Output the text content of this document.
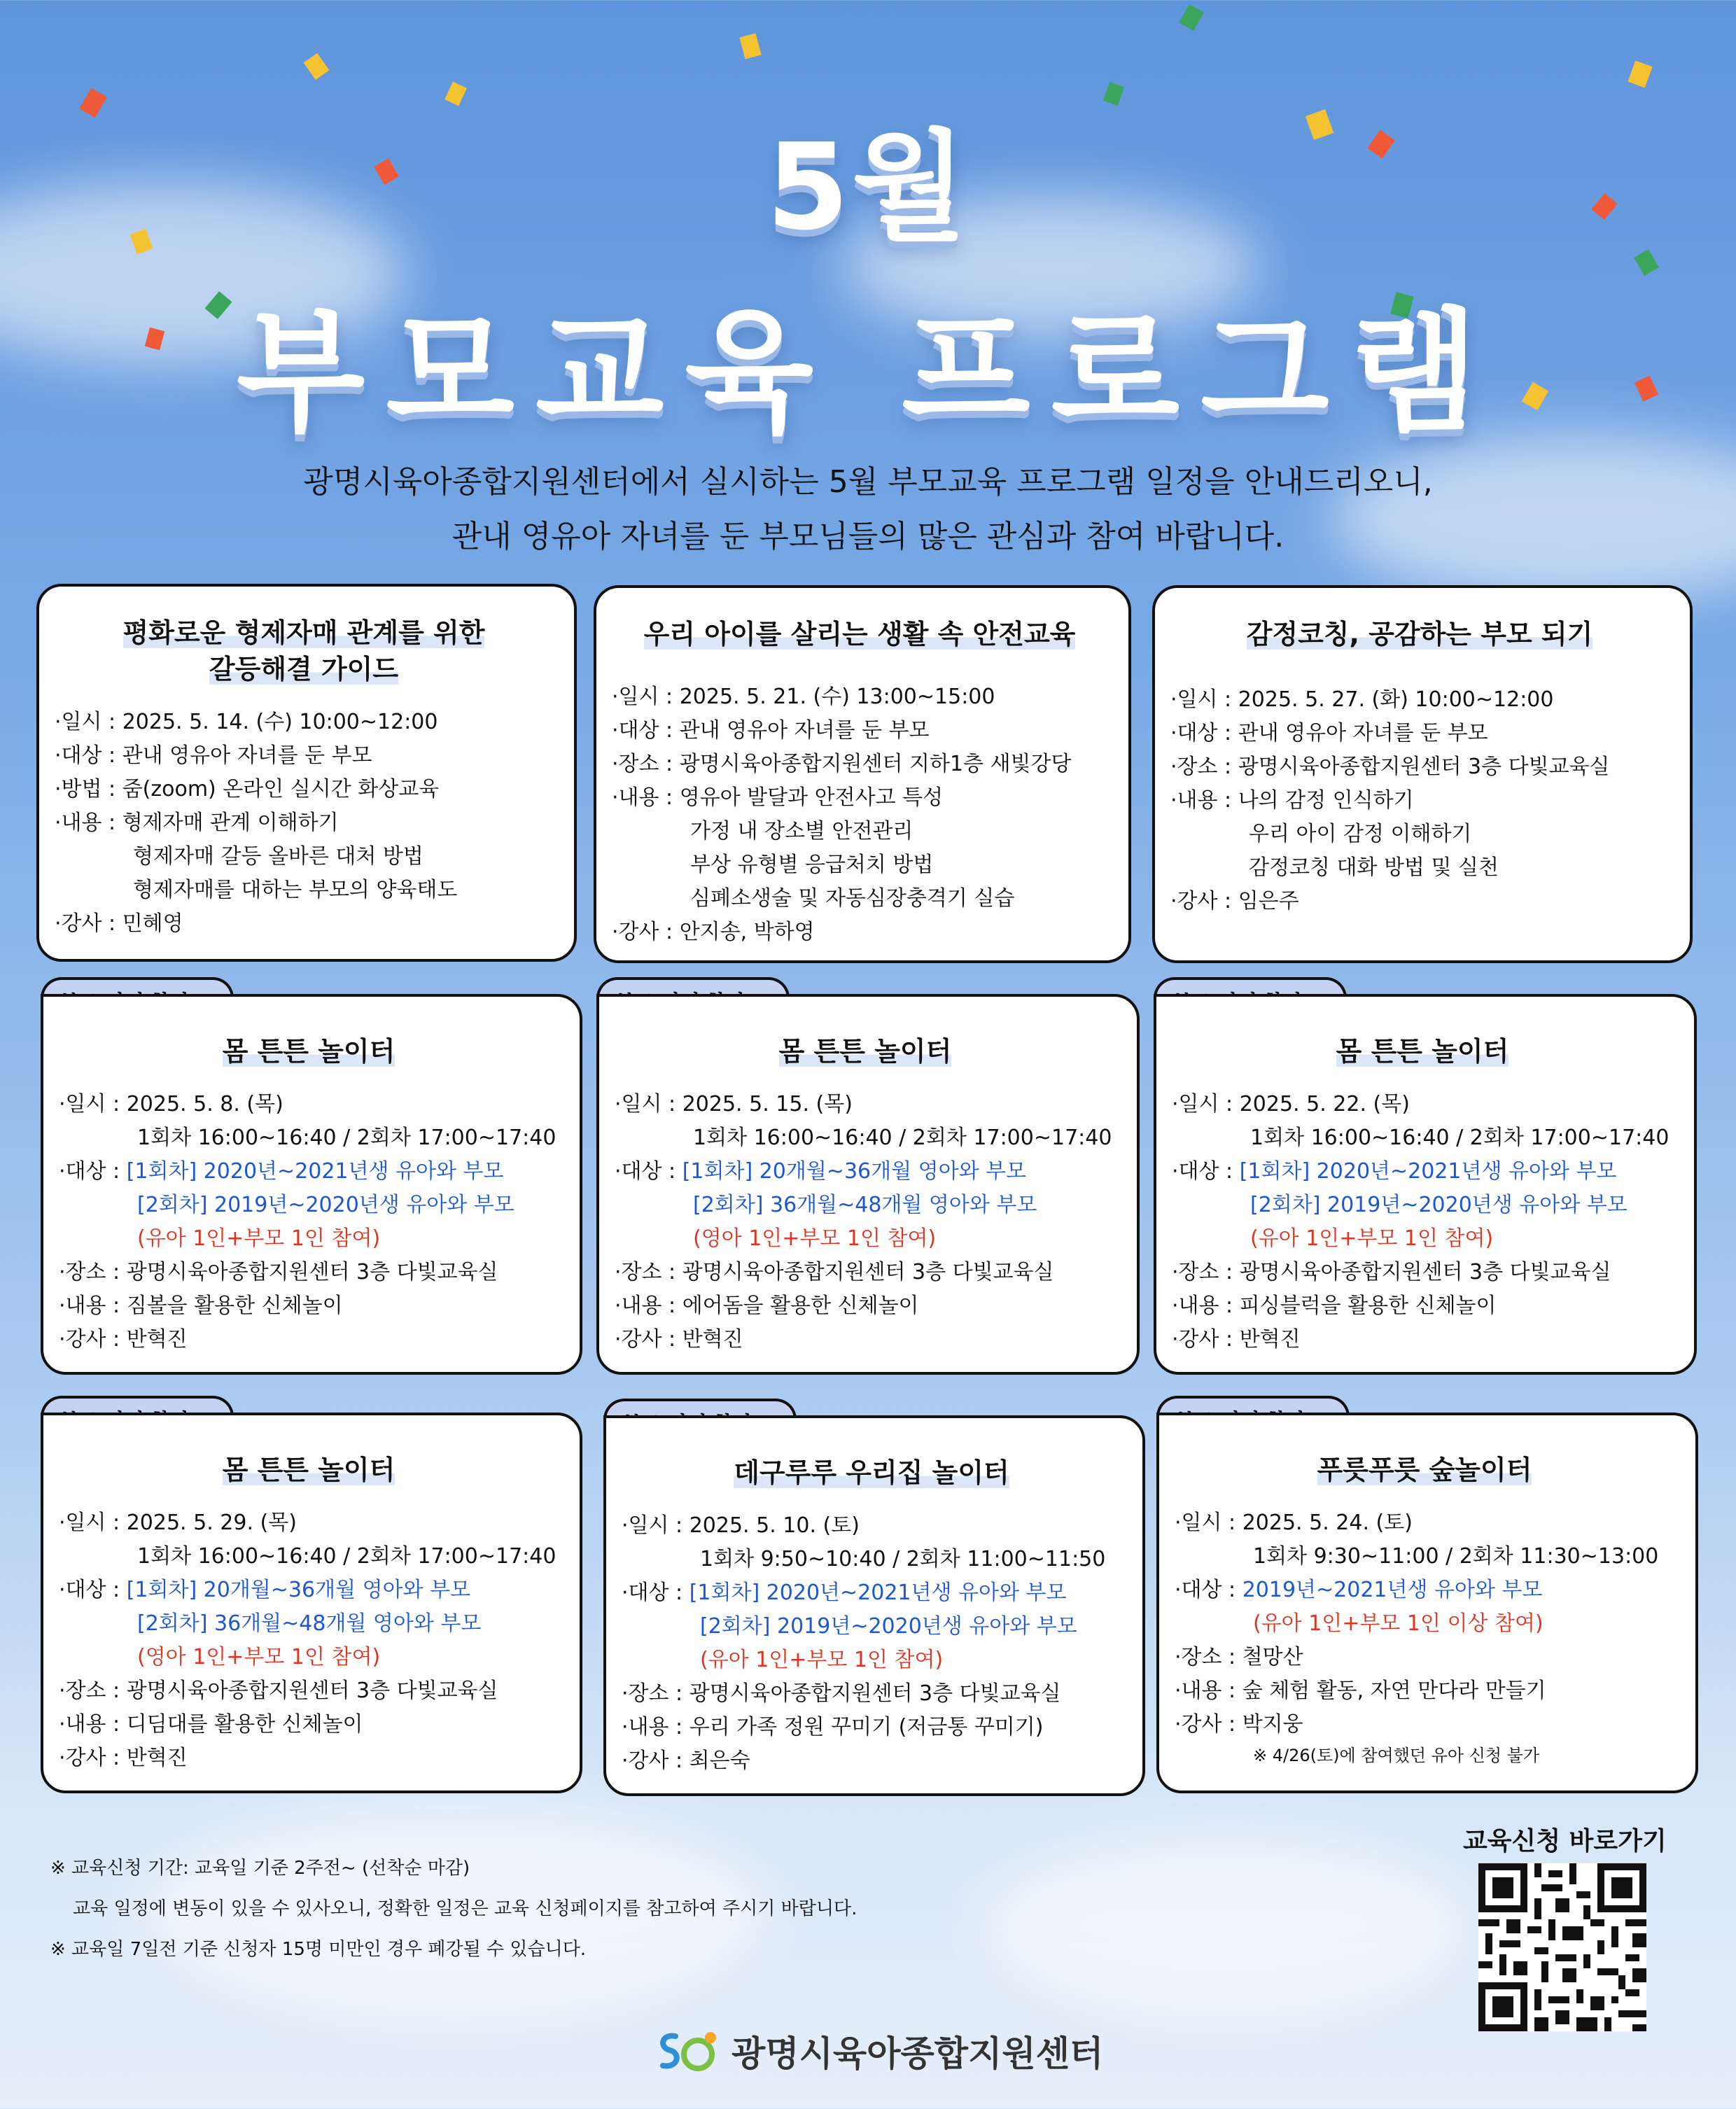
5월
부모교육 프로그램
광명시육아종합지원센터에서 실시하는 5월 부모교육 프로그램 일정을 안내드리오니,
관내 영유아 자녀를 둔 부모님들의 많은 관심과 참여 바랍니다.
평화로운 형제자매 관계를 위한
갈등해결 가이드
·일시 : 2025. 5. 14. (수) 10:00~12:00
·대상 : 관내 영유아 자녀를 둔 부모
·방법 : 줌(zoom) 온라인 실시간 화상교육
·내용 : 형제자매 관계 이해하기
형제자매 갈등 올바른 대처 방법
형제자매를 대하는 부모의 양육태도
·강사 : 민혜영
우리 아이를 살리는 생활 속 안전교육
·일시 : 2025. 5. 21. (수) 13:00~15:00
·대상 : 관내 영유아 자녀를 둔 부모
·장소 : 광명시육아종합지원센터 지하1층 새빛강당
·내용 : 영유아 발달과 안전사고 특성
가정 내 장소별 안전관리
부상 유형별 응급처치 방법
심폐소생술 및 자동심장충격기 실습
·강사 : 안지송, 박하영
감정코칭, 공감하는 부모 되기
·일시 : 2025. 5. 27. (화) 10:00~12:00
·대상 : 관내 영유아 자녀를 둔 부모
·장소 : 광명시육아종합지원센터 3층 다빛교육실
·내용 : 나의 감정 인식하기
우리 아이 감정 이해하기
감정코칭 대화 방법 및 실천
·강사 : 임은주
몸 튼튼 놀이터
·일시 : 2025. 5. 8. (목)
1회차 16:00~16:40 / 2회차 17:00~17:40
·대상 : [1회차] 2020년~2021년생 유아와 부모
[2회차] 2019년~2020년생 유아와 부모
(유아 1인+부모 1인 참여)
·장소 : 광명시육아종합지원센터 3층 다빛교육실
·내용 : 짐볼을 활용한 신체놀이
·강사 : 반혁진
몸 튼튼 놀이터
·일시 : 2025. 5. 15. (목)
1회차 16:00~16:40 / 2회차 17:00~17:40
·대상 : [1회차] 20개월~36개월 영아와 부모
[2회차] 36개월~48개월 영아와 부모
(영아 1인+부모 1인 참여)
·장소 : 광명시육아종합지원센터 3층 다빛교육실
·내용 : 에어돔을 활용한 신체놀이
·강사 : 반혁진
몸 튼튼 놀이터
·일시 : 2025. 5. 22. (목)
1회차 16:00~16:40 / 2회차 17:00~17:40
·대상 : [1회차] 2020년~2021년생 유아와 부모
[2회차] 2019년~2020년생 유아와 부모
(유아 1인+부모 1인 참여)
·장소 : 광명시육아종합지원센터 3층 다빛교육실
·내용 : 피싱블럭을 활용한 신체놀이
·강사 : 반혁진
몸 튼튼 놀이터
·일시 : 2025. 5. 29. (목)
1회차 16:00~16:40 / 2회차 17:00~17:40
·대상 : [1회차] 20개월~36개월 영아와 부모
[2회차] 36개월~48개월 영아와 부모
(영아 1인+부모 1인 참여)
·장소 : 광명시육아종합지원센터 3층 다빛교육실
·내용 : 디딤대를 활용한 신체놀이
·강사 : 반혁진
데구루루 우리집 놀이터
·일시 : 2025. 5. 10. (토)
1회차 9:50~10:40 / 2회차 11:00~11:50
·대상 : [1회차] 2020년~2021년생 유아와 부모
[2회차] 2019년~2020년생 유아와 부모
(유아 1인+부모 1인 참여)
·장소 : 광명시육아종합지원센터 3층 다빛교육실
·내용 : 우리 가족 정원 꾸미기 (저금통 꾸미기)
·강사 : 최은숙
푸릇푸릇 숲놀이터
·일시 : 2025. 5. 24. (토)
1회차 9:30~11:00 / 2회차 11:30~13:00
·대상 : 2019년~2021년생 유아와 부모
(유아 1인+부모 1인 이상 참여)
·장소 : 철망산
·내용 : 숲 체험 활동, 자연 만다라 만들기
·강사 : 박지웅
※ 4/26(토)에 참여했던 유아 신청 불가
※ 교육신청 기간: 교육일 기준 2주전~ (선착순 마감)
교육 일정에 변동이 있을 수 있사오니, 정확한 일정은 교육 신청페이지를 참고하여 주시기 바랍니다.
※ 교육일 7일전 기준 신청자 15명 미만인 경우 폐강될 수 있습니다.
교육신청 바로가기
광명시육아종합지원센터
